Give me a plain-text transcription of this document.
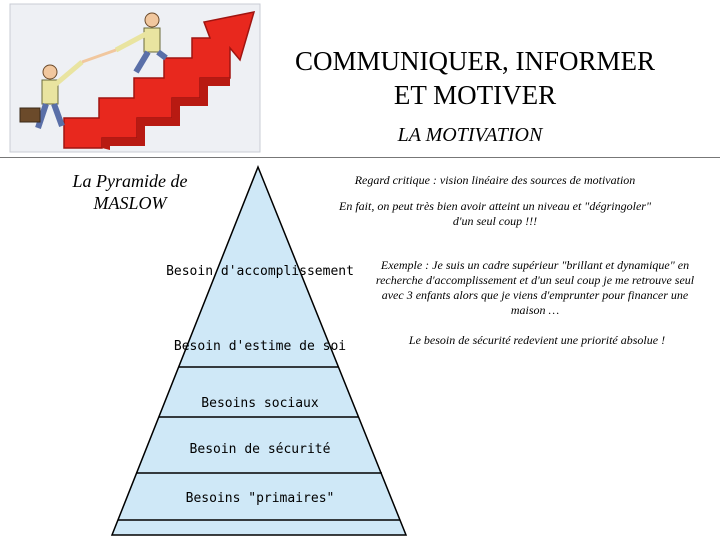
COMMUNIQUER, INFORMER
ET MOTIVER
LA MOTIVATION
La Pyramide de
MASLOW
Besoin d'accomplissement
Besoin d'estime de soi
Besoins sociaux
Besoin de sécurité
Besoins "primaires"
Regard critique : vision linéaire des sources de motivation
En fait, on peut très bien avoir atteint un niveau et "dégringoler" d'un seul coup !!!
Exemple : Je suis un cadre supérieur "brillant et dynamique" en recherche d'accomplissement et d'un seul coup je me retrouve seul avec 3 enfants alors que je viens d'emprunter pour financer une maison …
Le besoin de sécurité redevient une priorité absolue !
